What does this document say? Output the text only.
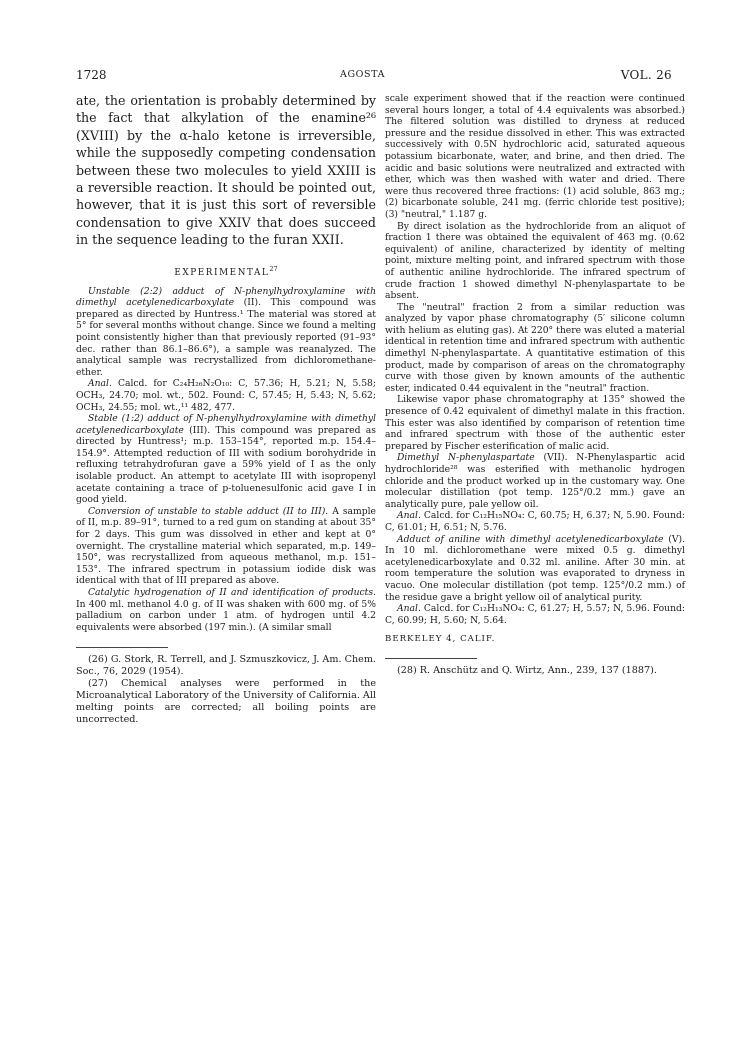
1728	AGOSTA	VOL. 26

ate, the orientation is probably determined by the fact that alkylation of the enamine²⁶ (XVIII) by the α-halo ketone is irreversible, while the supposedly competing condensation between these two molecules to yield XXIII is a reversible reaction. It should be pointed out, however, that it is just this sort of reversible condensation to give XXIV that does succeed in the sequence leading to the furan XXII.

EXPERIMENTAL$^{27}$

Unstable (2:2) adduct of N-phenylhydroxylamine with dimethyl acetylenedicarboxylate (II). This compound was prepared as directed by Huntress.¹ The material was stored at 5° for several months without change. Since we found a melting point consistently higher than that previously reported (91–93° dec. rather than 86.1–86.6°), a sample was reanalyzed. The analytical sample was recrystallized from dichloromethane-ether.

Anal. Calcd. for C₂₄H₂₆N₂O₁₀: C, 57.36; H, 5.21; N, 5.58; OCH₃, 24.70; mol. wt., 502. Found: C, 57.45; H, 5.43; N, 5.62; OCH₃, 24.55; mol. wt.,¹¹ 482, 477.

Stable (1:2) adduct of N-phenylhydroxylamine with dimethyl acetylenedicarboxylate (III). This compound was prepared as directed by Huntress¹; m.p. 153–154°, reported m.p. 154.4–154.9°. Attempted reduction of III with sodium borohydride in refluxing tetrahydrofuran gave a 59% yield of I as the only isolable product. An attempt to acetylate III with isopropenyl acetate containing a trace of p-toluenesulfonic acid gave I in good yield.

Conversion of unstable to stable adduct (II to III). A sample of II, m.p. 89–91°, turned to a red gum on standing at about 35° for 2 days. This gum was dissolved in ether and kept at 0° overnight. The crystalline material which separated, m.p. 149–150°, was recrystallized from aqueous methanol, m.p. 151–153°. The infrared spectrum in potassium iodide disk was identical with that of III prepared as above.

Catalytic hydrogenation of II and identification of products. In 400 ml. methanol 4.0 g. of II was shaken with 600 mg. of 5% palladium on carbon under 1 atm. of hydrogen until 4.2 equivalents were absorbed (197 min.). (A similar small

(26) G. Stork, R. Terrell, and J. Szmuszkovicz, J. Am. Chem. Soc., 76, 2029 (1954).

(27) Chemical analyses were performed in the Microanalytical Laboratory of the University of California. All melting points are corrected; all boiling points are uncorrected.

scale experiment showed that if the reaction were continued several hours longer, a total of 4.4 equivalents was absorbed.) The filtered solution was distilled to dryness at reduced pressure and the residue dissolved in ether. This was extracted successively with 0.5N hydrochloric acid, saturated aqueous potassium bicarbonate, water, and brine, and then dried. The acidic and basic solutions were neutralized and extracted with ether, which was then washed with water and dried. There were thus recovered three fractions: (1) acid soluble, 863 mg.; (2) bicarbonate soluble, 241 mg. (ferric chloride test positive); (3) "neutral," 1.187 g.

By direct isolation as the hydrochloride from an aliquot of fraction 1 there was obtained the equivalent of 463 mg. (0.62 equivalent) of aniline, characterized by identity of melting point, mixture melting point, and infrared spectrum with those of authentic aniline hydrochloride. The infrared spectrum of crude fraction 1 showed dimethyl N-phenylaspartate to be absent.

The "neutral" fraction 2 from a similar reduction was analyzed by vapor phase chromatography (5′ silicone column with helium as eluting gas). At 220° there was eluted a material identical in retention time and infrared spectrum with authentic dimethyl N-phenylaspartate. A quantitative estimation of this product, made by comparison of areas on the chromatography curve with those given by known amounts of the authentic ester, indicated 0.44 equivalent in the "neutral" fraction.

Likewise vapor phase chromatography at 135° showed the presence of 0.42 equivalent of dimethyl malate in this fraction. This ester was also identified by comparison of retention time and infrared spectrum with those of the authentic ester prepared by Fischer esterification of malic acid.

Dimethyl N-phenylaspartate (VII). N-Phenylaspartic acid hydrochloride²⁸ was esterified with methanolic hydrogen chloride and the product worked up in the customary way. One molecular distillation (pot temp. 125°/0.2 mm.) gave an analytically pure, pale yellow oil.

Anal. Calcd. for C₁₂H₁₅NO₄: C, 60.75; H, 6.37; N, 5.90. Found: C, 61.01; H, 6.51; N, 5.76.

Adduct of aniline with dimethyl acetylenedicarboxylate (V). In 10 ml. dichloromethane were mixed 0.5 g. dimethyl acetylenedicarboxylate and 0.32 ml. aniline. After 30 min. at room temperature the solution was evaporated to dryness in vacuo. One molecular distillation (pot temp. 125°/0.2 mm.) of the residue gave a bright yellow oil of analytical purity.

Anal. Calcd. for C₁₂H₁₃NO₄: C, 61.27; H, 5.57; N, 5.96. Found: C, 60.99; H, 5.60; N, 5.64.

BERKELEY 4, CALIF.

(28) R. Anschütz and Q. Wirtz, Ann., 239, 137 (1887).
